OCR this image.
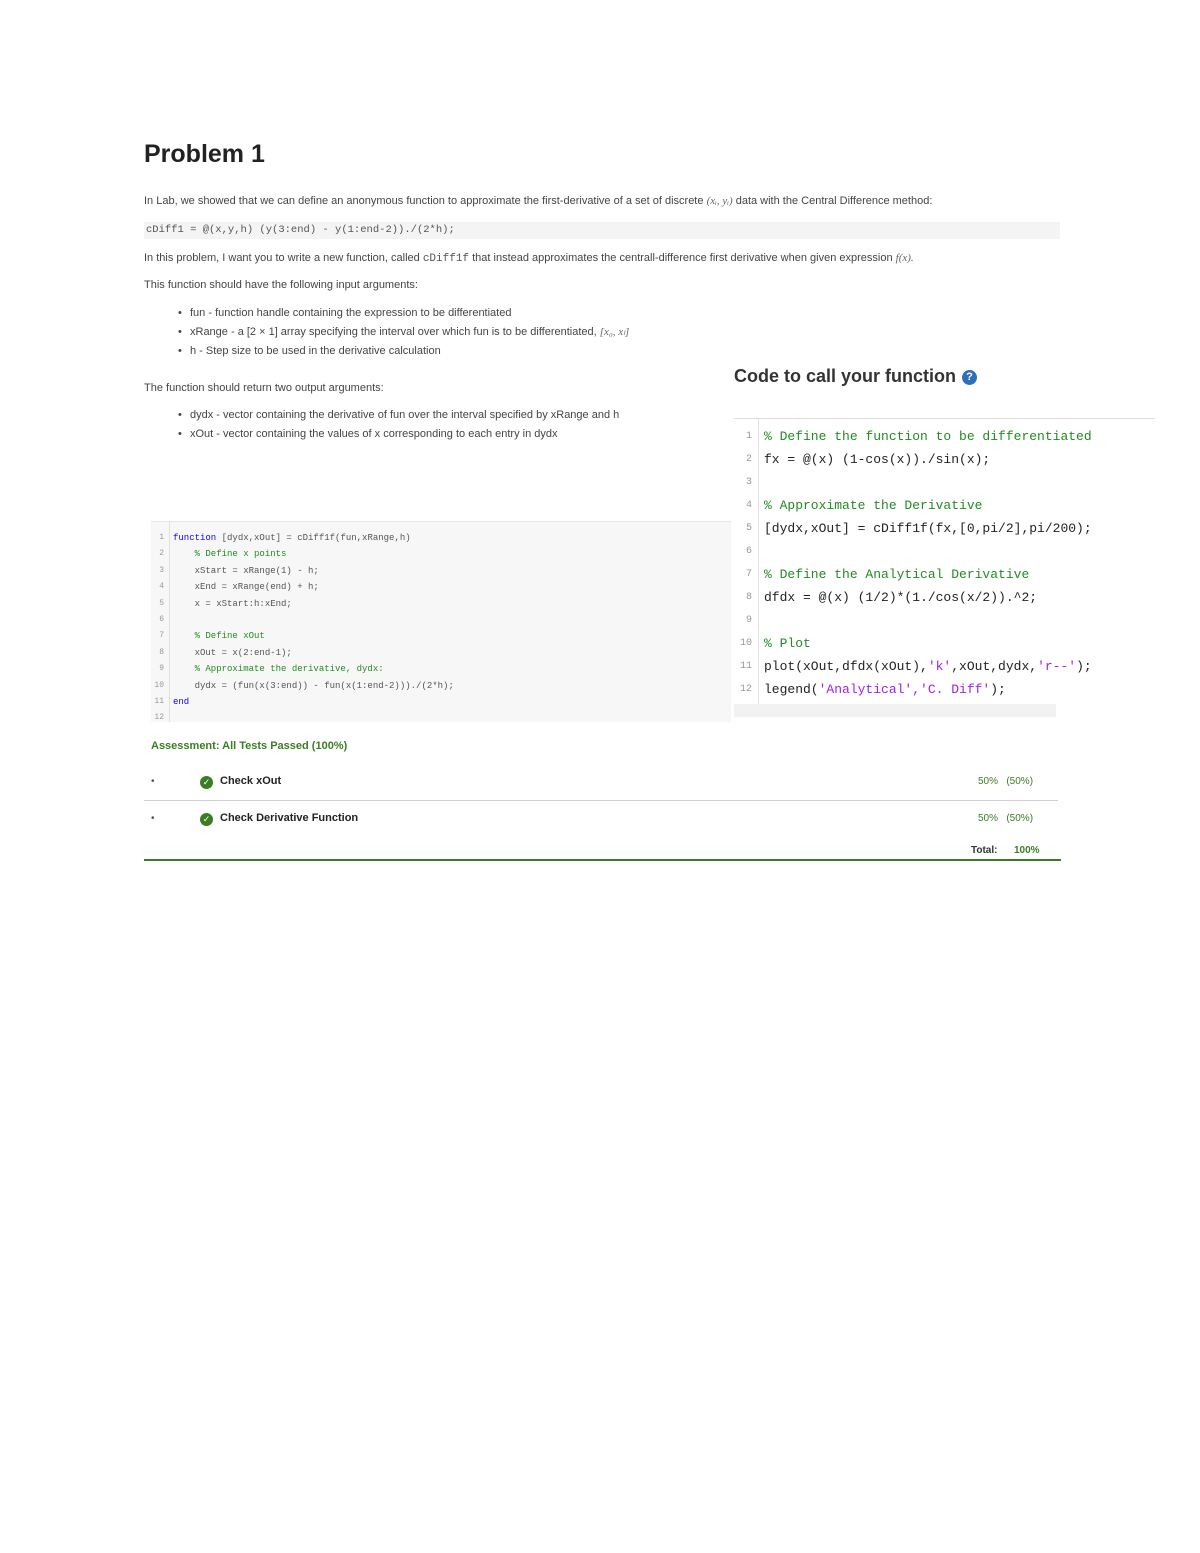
Problem 1
In Lab, we showed that we can define an anonymous function to approximate the first-derivative of a set of discrete (xᵢ, yᵢ) data with the Central Difference method:
cDiff1 = @(x,y,h) (y(3:end) - y(1:end-2))./(2*h);
In this problem, I want you to write a new function, called cDiff1f that instead approximates the centrall-difference first derivative when given expression f(x).
This function should have the following input arguments:
• fun - function handle containing the expression to be differentiated
• xRange - a [2 × 1] array specifying the interval over which fun is to be differentiated, [x₀, xₗ]
• h - Step size to be used in the derivative calculation
The function should return two output arguments:
• dydx - vector containing the derivative of fun over the interval specified by xRange and h
• xOut - vector containing the values of x corresponding to each entry in dydx
1 function [dydx,xOut] = cDiff1f(fun,xRange,h)
2 % Define x points
3 xStart = xRange(1) - h;
4 xEnd = xRange(end) + h;
5 x = xStart:h:xEnd;
6
7 % Define xOut
8 xOut = x(2:end-1);
9 % Approximate the derivative, dydx:
10 dydx = (fun(x(3:end)) - fun(x(1:end-2)))./(2*h);
11 end
12
Code to call your function ?
1 % Define the function to be differentiated
2 fx = @(x) (1-cos(x))./sin(x);
3
4 % Approximate the Derivative
5 [dydx,xOut] = cDiff1f(fx,[0,pi/2],pi/200);
6
7 % Define the Analytical Derivative
8 dfdx = @(x) (1/2)*(1./cos(x/2)).^2;
9
10 % Plot
11 plot(xOut,dfdx(xOut),'k',xOut,dydx,'r--');
12 legend('Analytical','C. Diff');
Assessment: All Tests Passed (100%)
•	✓ Check xOut	50%   (50%)
•	✓ Check Derivative Function	50%   (50%)
Total: 100%
